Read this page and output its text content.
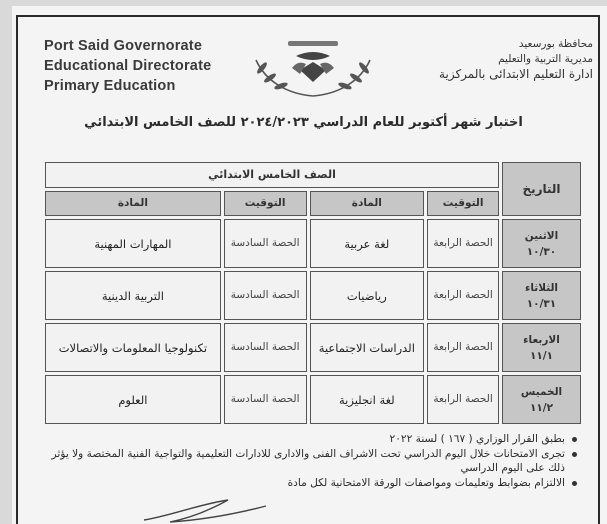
Port Said Governorate
Educational Directorate
Primary Education
محافظة بورسعيد
مديرية التربية والتعليم
ادارة التعليم الابتدائى بالمركزية
اختبار شهر أكتوبر للعام الدراسي ٢٠٢٤/٢٠٢٣ للصف الخامس الابتدائي
التاريخ	الصف الخامس الابتدائي			
	التوقيت	المادة	التوقيت	المادة

الاثنين
١٠/٣٠	الحصة الرابعة	لغة عربية	الحصة السادسة	المهارات المهنية

الثلاثاء
١٠/٣١	الحصة الرابعة	رياضيات	الحصة السادسة	التربية الدينية

الاربعاء
١١/١	الحصة الرابعة	الدراسات الاجتماعية	الحصة السادسة	تكنولوجيا المعلومات والاتصالات

الخميس
١١/٢	الحصة الرابعة	لغة انجليزية	الحصة السادسة	العلوم
بطبق القرار الوزاري ( ١٦٧ ) لسنة ٢٠٢٢
تجرى الامتحانات خلال اليوم الدراسي تحت الاشراف الفنى والادارى للادارات التعليمية والتواجية الفنية المختصة ولا يؤثر ذلك على اليوم الدراسي
الالتزام بضوابط وتعليمات ومواصفات الورقة الامتحانية لكل مادة
